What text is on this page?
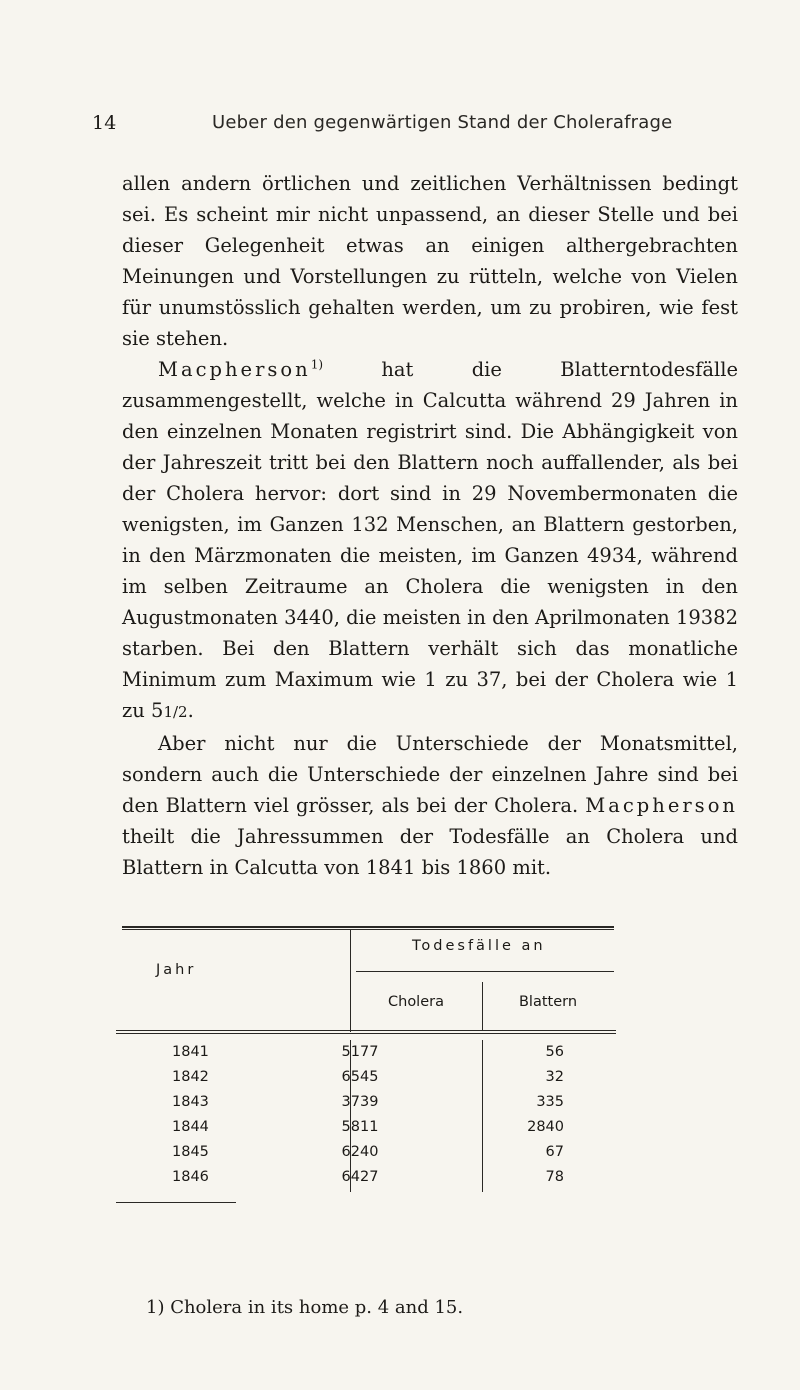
14	Ueber den gegenwärtigen Stand der Cholerafrage

allen andern örtlichen und zeitlichen Verhältnissen bedingt sei. Es scheint mir nicht unpassend, an dieser Stelle und bei dieser Gelegenheit etwas an einigen althergebrachten Meinungen und Vorstellungen zu rütteln, welche von Vielen für unumstösslich gehalten werden, um zu probiren, wie fest sie stehen.

Macpherson$^{1)}$ hat die Blatterntodesfälle zusammengestellt, welche in Calcutta während 29 Jahren in den einzelnen Monaten registrirt sind. Die Abhängigkeit von der Jahreszeit tritt bei den Blattern noch auffallender, als bei der Cholera hervor: dort sind in 29 Novembermonaten die wenigsten, im Ganzen 132 Menschen, an Blattern gestorben, in den Märzmonaten die meisten, im Ganzen 4934, während im selben Zeitraume an Cholera die wenigsten in den Augustmonaten 3440, die meisten in den Aprilmonaten 19382 starben. Bei den Blattern verhält sich das monatliche Minimum zum Maximum wie 1 zu 37, bei der Cholera wie 1 zu 51/2.

Aber nicht nur die Unterschiede der Monatsmittel, sondern auch die Unterschiede der einzelnen Jahre sind bei den Blattern viel grösser, als bei der Cholera. Macpherson theilt die Jahressummen der Todesfälle an Cholera und Blattern in Calcutta von 1841 bis 1860 mit.

Jahr
Todesfälle an
Cholera	Blattern
1841	5177	56
1842	6545	32
1843	3739	335
1844	5811	2840
1845	6240	67
1846	6427	78
1) Cholera in its home p. 4 and 15.
